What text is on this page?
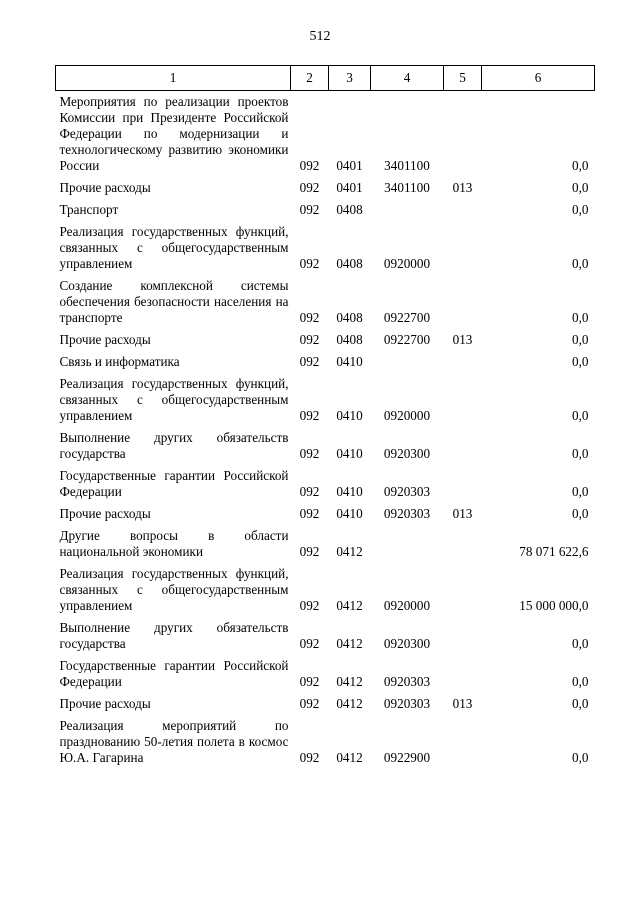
512
1	2	3	4	5	6
Мероприятия по реализации проектов Комиссии при Президенте Российской Федерации по модернизации и технологическому развитию экономики России	092	0401	3401100		0,0
Прочие расходы	092	0401	3401100	013	0,0
Транспорт	092	0408			0,0
Реализация государственных функций, связанных с общегосударственным управлением	092	0408	0920000		0,0
Создание комплексной системы обеспечения безопасности населения на транспорте	092	0408	0922700		0,0
Прочие расходы	092	0408	0922700	013	0,0
Связь и информатика	092	0410			0,0
Реализация государственных функций, связанных с общегосударственным управлением	092	0410	0920000		0,0
Выполнение других обязательств государства	092	0410	0920300		0,0
Государственные гарантии Российской Федерации	092	0410	0920303		0,0
Прочие расходы	092	0410	0920303	013	0,0
Другие вопросы в области национальной экономики	092	0412			78 071 622,6
Реализация государственных функций, связанных с общегосударственным управлением	092	0412	0920000		15 000 000,0
Выполнение других обязательств государства	092	0412	0920300		0,0
Государственные гарантии Российской Федерации	092	0412	0920303		0,0
Прочие расходы	092	0412	0920303	013	0,0
Реализация мероприятий по празднованию 50-летия полета в космос Ю.А. Гагарина	092	0412	0922900		0,0
